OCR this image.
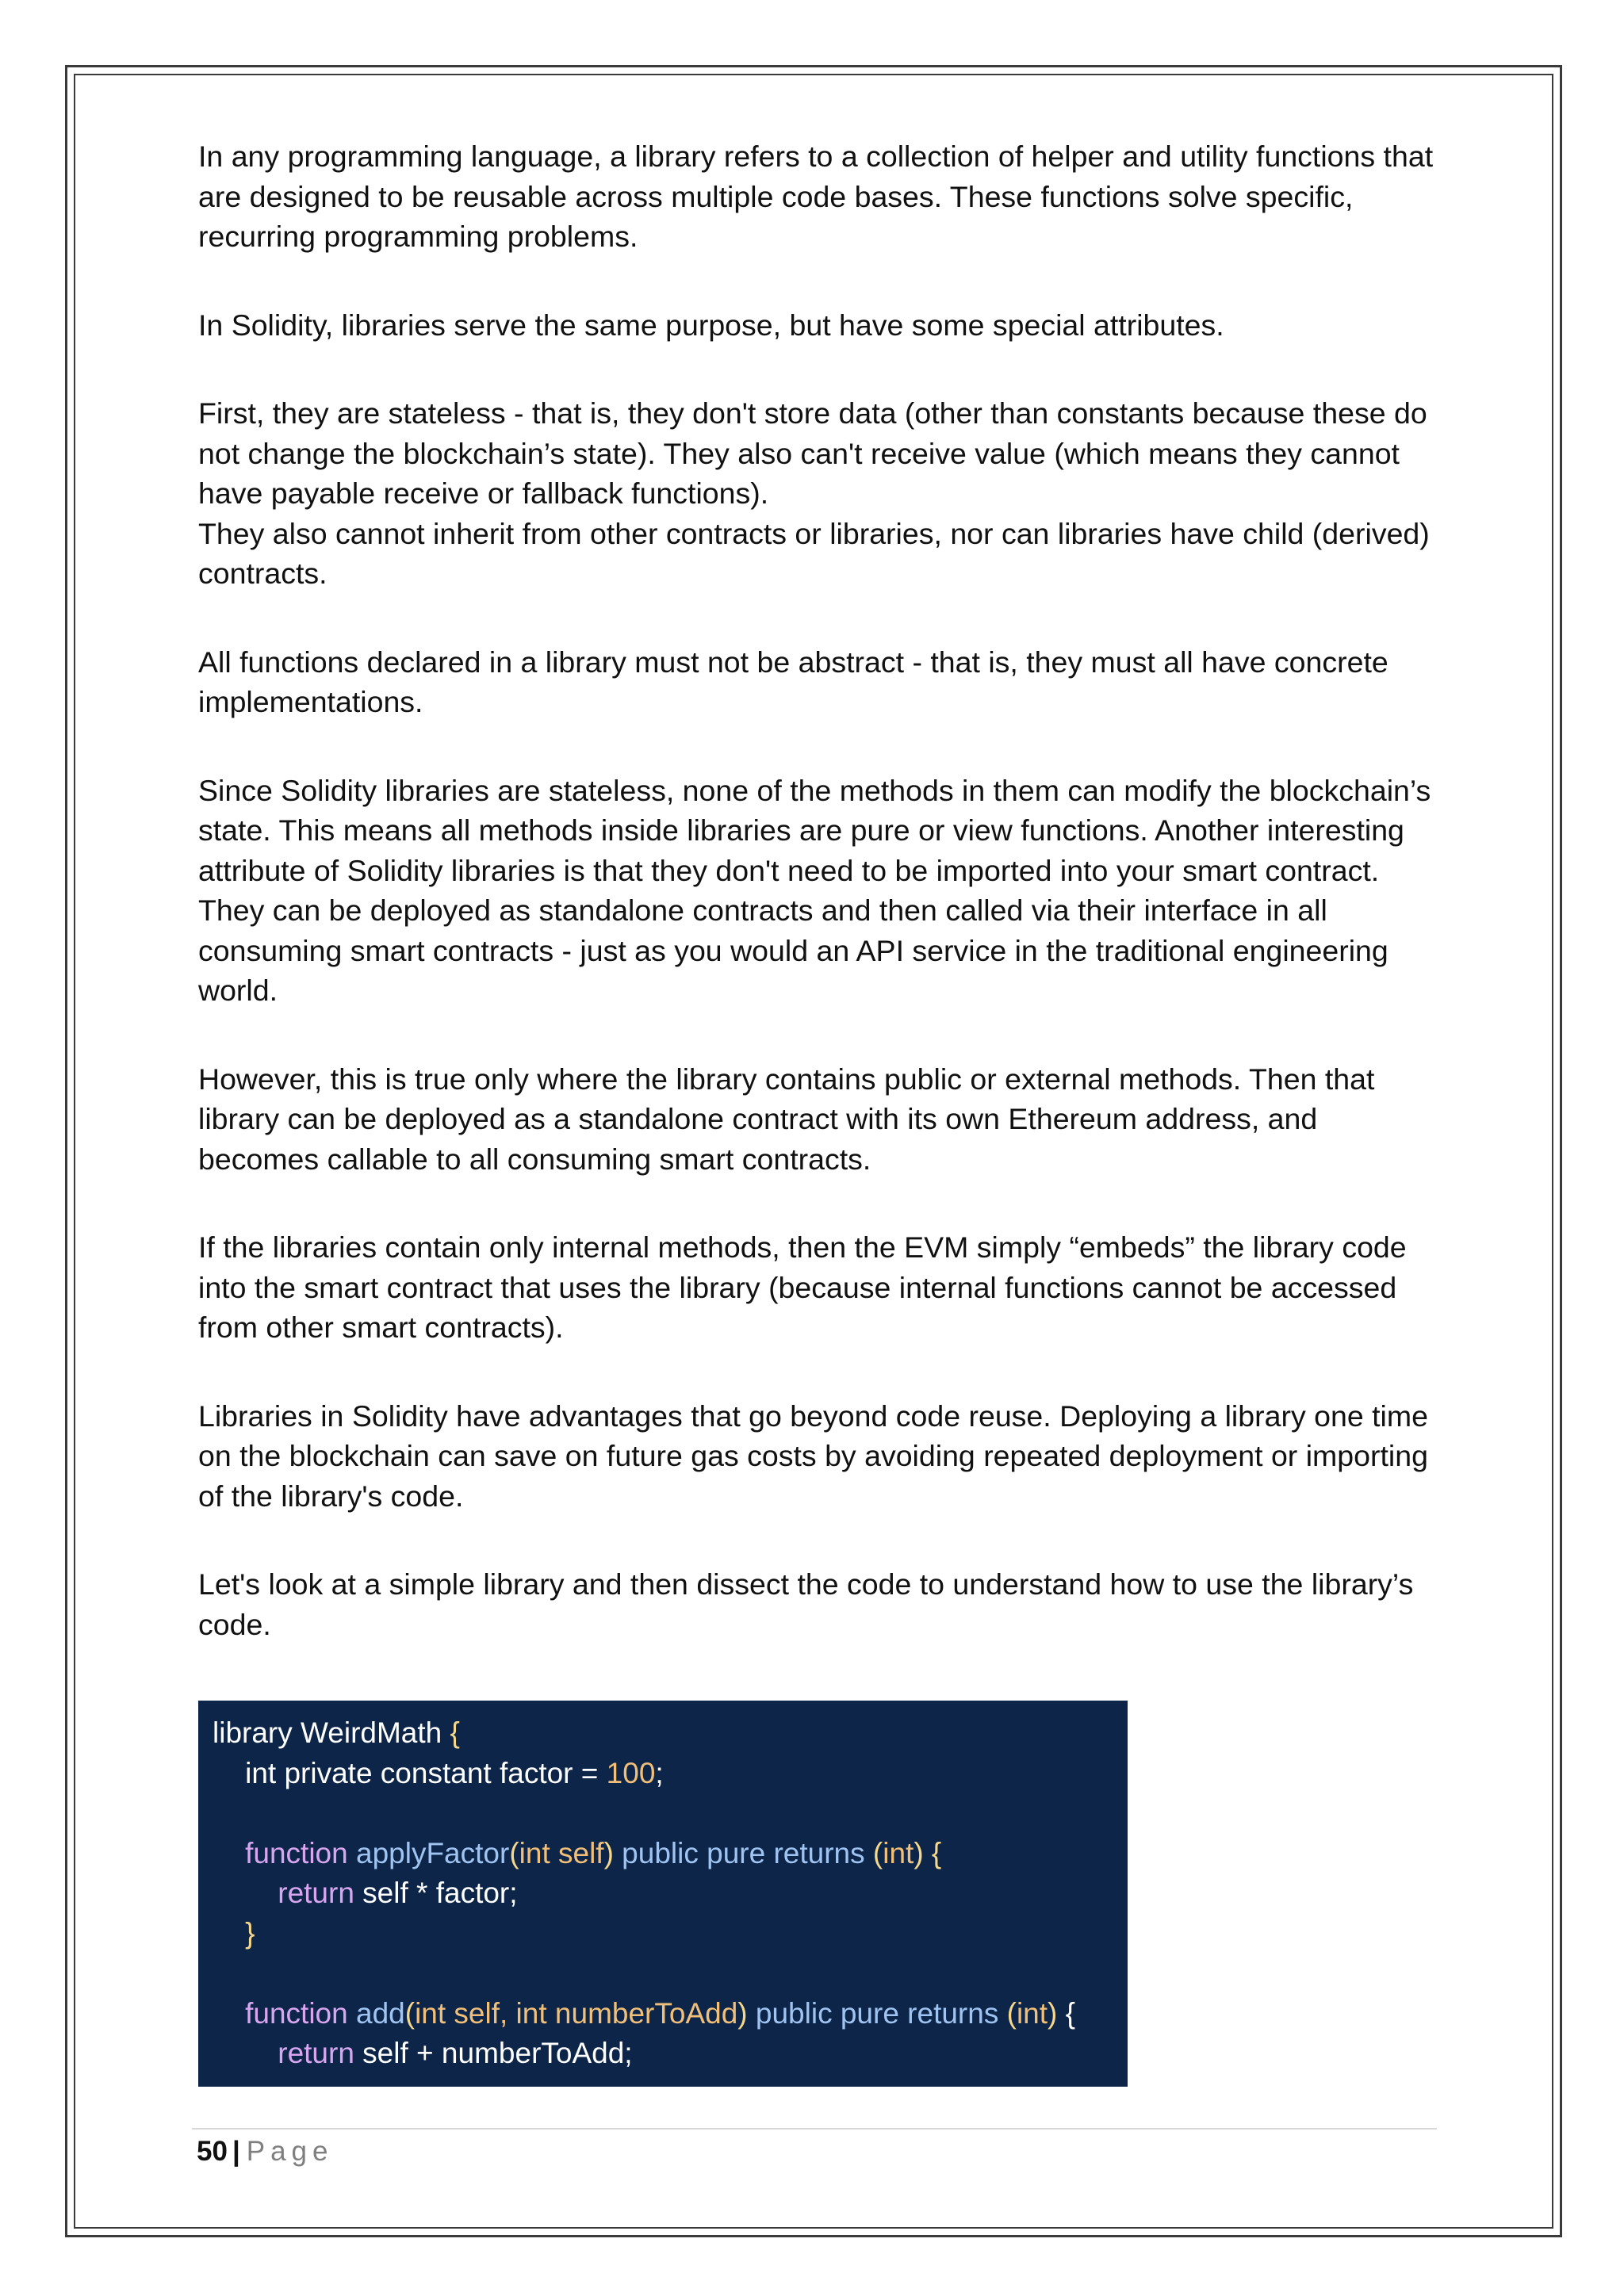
In any programming language, a library refers to a collection of helper and utility functions that are designed to be reusable across multiple code bases. These functions solve specific, recurring programming problems.

In Solidity, libraries serve the same purpose, but have some special attributes.

First, they are stateless - that is, they don't store data (other than constants because these do not change the blockchain’s state). They also can't receive value (which means they cannot have payable receive or fallback functions).

They also cannot inherit from other contracts or libraries, nor can libraries have child (derived) contracts.

All functions declared in a library must not be abstract - that is, they must all have concrete implementations.

Since Solidity libraries are stateless, none of the methods in them can modify the blockchain’s state. This means all methods inside libraries are pure or view functions. Another interesting attribute of Solidity libraries is that they don't need to be imported into your smart contract. They can be deployed as standalone contracts and then called via their interface in all consuming smart contracts - just as you would an API service in the traditional engineering world.

However, this is true only where the library contains public or external methods. Then that library can be deployed as a standalone contract with its own Ethereum address, and becomes callable to all consuming smart contracts.

If the libraries contain only internal methods, then the EVM simply “embeds” the library code into the smart contract that uses the library (because internal functions cannot be accessed from other smart contracts).

Libraries in Solidity have advantages that go beyond code reuse. Deploying a library one time on the blockchain can save on future gas costs by avoiding repeated deployment or importing of the library's code.

Let's look at a simple library and then dissect the code to understand how to use the library’s code.

library WeirdMath {
int private constant factor = 100;
function applyFactor(int self) public pure returns (int) {
return self * factor;
}
function add(int self, int numberToAdd) public pure returns (int) {
return self + numberToAdd;
50 | Page
